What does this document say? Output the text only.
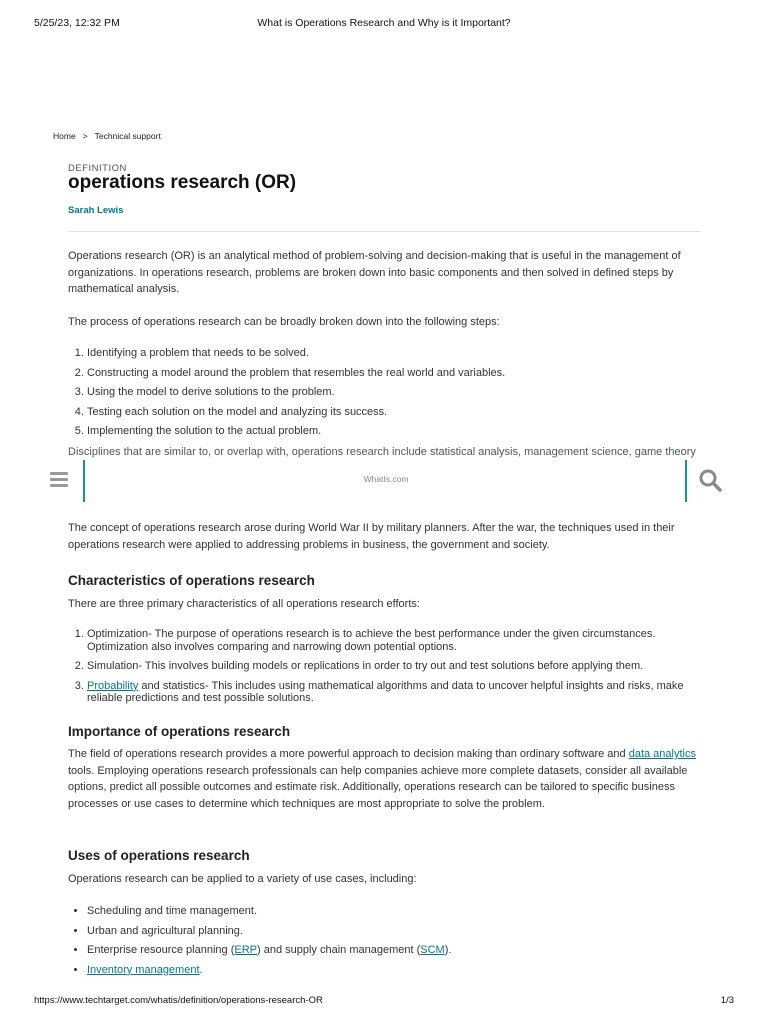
5/25/23, 12:32 PM	What is Operations Research and Why is it Important?
Home > Technical support
DEFINITION
operations research (OR)
Sarah Lewis

Operations research (OR) is an analytical method of problem-solving and decision-making that is useful in the management of organizations. In operations research, problems are broken down into basic components and then solved in defined steps by mathematical analysis.

The process of operations research can be broadly broken down into the following steps:

1. Identifying a problem that needs to be solved.
2. Constructing a model around the problem that resembles the real world and variables.
3. Using the model to derive solutions to the problem.
4. Testing each solution on the model and analyzing its success.
5. Implementing the solution to the actual problem.
Disciplines that are similar to, or overlap with, operations research include statistical analysis, management science, game theory
WhatIs.com

The concept of operations research arose during World War II by military planners. After the war, the techniques used in their operations research were applied to addressing problems in business, the government and society.

Characteristics of operations research

There are three primary characteristics of all operations research efforts:

1. Optimization- The purpose of operations research is to achieve the best performance under the given circumstances. Optimization also involves comparing and narrowing down potential options.
2. Simulation- This involves building models or replications in order to try out and test solutions before applying them.
3. Probability and statistics- This includes using mathematical algorithms and data to uncover helpful insights and risks, make reliable predictions and test possible solutions.
Importance of operations research

The field of operations research provides a more powerful approach to decision making than ordinary software and data analytics tools. Employing operations research professionals can help companies achieve more complete datasets, consider all available options, predict all possible outcomes and estimate risk. Additionally, operations research can be tailored to specific business processes or use cases to determine which techniques are most appropriate to solve the problem.

Uses of operations research

Operations research can be applied to a variety of use cases, including:

• Scheduling and time management.
• Urban and agricultural planning.
• Enterprise resource planning (ERP) and supply chain management (SCM).
• Inventory management.
https://www.techtarget.com/whatis/definition/operations-research-OR	1/3
